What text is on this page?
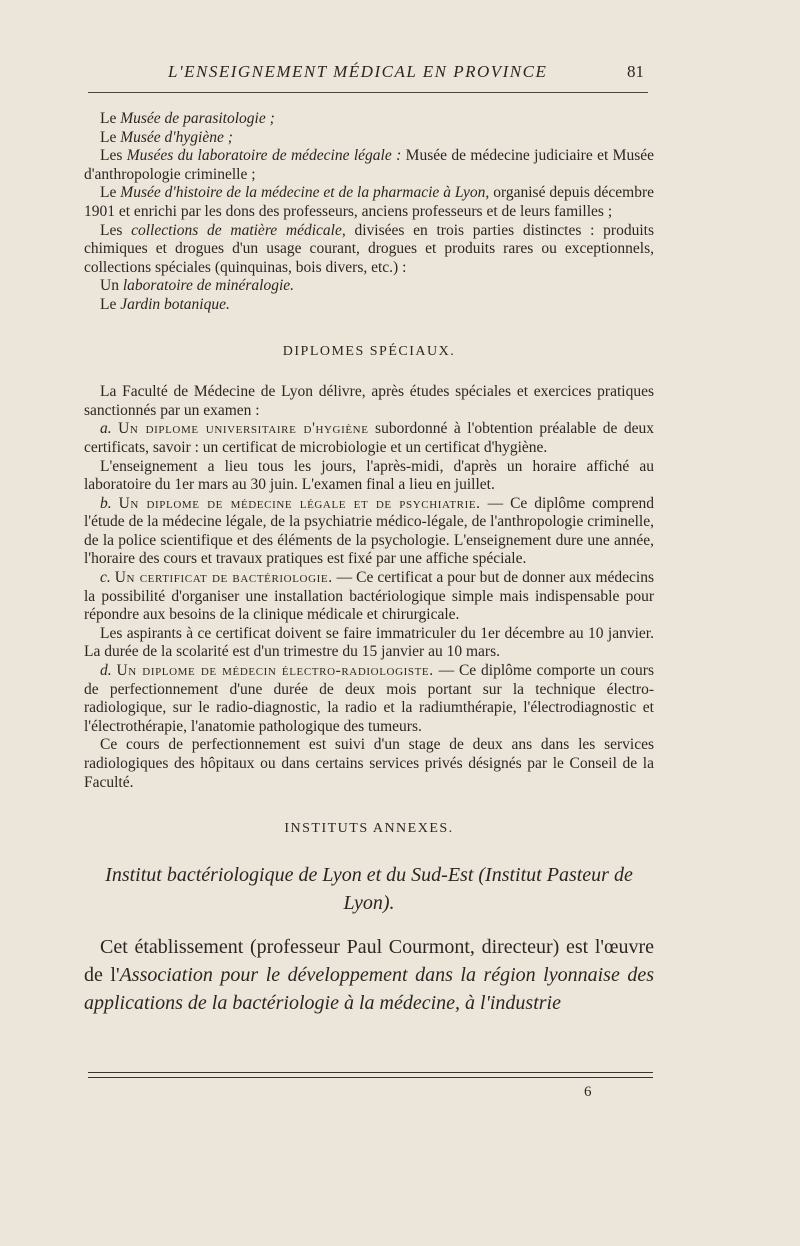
L'ENSEIGNEMENT MÉDICAL EN PROVINCE	81

Le Musée de parasitologie ;

Le Musée d'hygiène ;

Les Musées du laboratoire de médecine légale : Musée de médecine judiciaire et Musée d'anthropologie criminelle ;

Le Musée d'histoire de la médecine et de la pharmacie à Lyon, organisé depuis décembre 1901 et enrichi par les dons des professeurs, anciens professeurs et de leurs familles ;

Les collections de matière médicale, divisées en trois parties distinctes : produits chimiques et drogues d'un usage courant, drogues et produits rares ou exceptionnels, collections spéciales (quinquinas, bois divers, etc.) :

Un laboratoire de minéralogie.

Le Jardin botanique.

DIPLOMES SPÉCIAUX.

La Faculté de Médecine de Lyon délivre, après études spéciales et exercices pratiques sanctionnés par un examen :

a. Un diplome universitaire d'hygiène subordonné à l'obtention préalable de deux certificats, savoir : un certificat de microbiologie et un certificat d'hygiène.

L'enseignement a lieu tous les jours, l'après-midi, d'après un horaire affiché au laboratoire du 1er mars au 30 juin. L'examen final a lieu en juillet.

b. Un diplome de médecine légale et de psychiatrie. — Ce diplôme comprend l'étude de la médecine légale, de la psychiatrie médico-légale, de l'anthropologie criminelle, de la police scientifique et des éléments de la psychologie. L'enseignement dure une année, l'horaire des cours et travaux pratiques est fixé par une affiche spéciale.

c. Un certificat de bactériologie. — Ce certificat a pour but de donner aux médecins la possibilité d'organiser une installation bactériologique simple mais indispensable pour répondre aux besoins de la clinique médicale et chirurgicale.

Les aspirants à ce certificat doivent se faire immatriculer du 1er décembre au 10 janvier. La durée de la scolarité est d'un trimestre du 15 janvier au 10 mars.

d. Un diplome de médecin électro-radiologiste. — Ce diplôme comporte un cours de perfectionnement d'une durée de deux mois portant sur la technique électro-radiologique, sur le radio-diagnostic, la radio et la radiumthérapie, l'électrodiagnostic et l'électrothérapie, l'anatomie pathologique des tumeurs.

Ce cours de perfectionnement est suivi d'un stage de deux ans dans les services radiologiques des hôpitaux ou dans certains services privés désignés par le Conseil de la Faculté.

INSTITUTS ANNEXES.

Institut bactériologique de Lyon et du Sud-Est (Institut Pasteur de Lyon).

Cet établissement (professeur Paul Courmont, directeur) est l'œuvre de l'Association pour le développement dans la région lyonnaise des applications de la bactériologie à la médecine, à l'industrie

6
